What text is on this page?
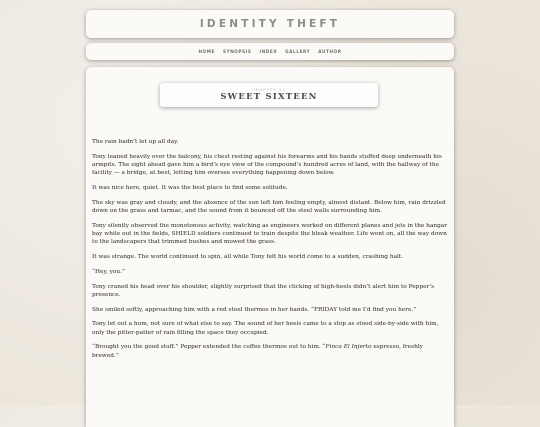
IDENTITY THEFT
HOME	SYNOPSIS	INDEX	GALLERY	AUTHOR
CHAPTER 22
SWEET SIXTEEN

The rain hadn’t let up all day.

Tony leaned heavily over the balcony, his chest resting against his forearms and his hands stuffed deep underneath his armpits. The sight ahead gave him a bird’s eye view of the compound’s hundred acres of land, with the hallway of the facility — a bridge, at best, letting him oversee everything happening down below.

It was nice here, quiet. It was the best place to find some solitude.

The sky was gray and cloudy, and the absence of the sun left him feeling empty, almost distant. Below him, rain drizzled down on the grass and tarmac, and the sound from it bounced off the steel walls surrounding him.

Tony silently observed the monotonous activity, watching as engineers worked on different planes and jets in the hangar bay while out in the fields, SHIELD soldiers continued to train despite the bleak weather. Life went on, all the way down to the landscapers that trimmed bushes and mowed the grass.

It was strange. The world continued to spin, all while Tony felt his world come to a sudden, crashing halt.

“Hey, you.”

Tony craned his head over his shoulder, slightly surprised that the clicking of high-heels didn’t alert him to Pepper’s presence.

She smiled softly, approaching him with a red steel thermos in her hands. “FRIDAY told me I’d find you here.”

Tony let out a hum, not sure of what else to say. The sound of her heels came to a stop as stood side-by-side with him, only the pitter-patter of rain filling the space they occupied.

“Brought you the good stuff.” Pepper extended the coffee thermos out to him. “Finca El Injerto espresso, freshly brewed.”
